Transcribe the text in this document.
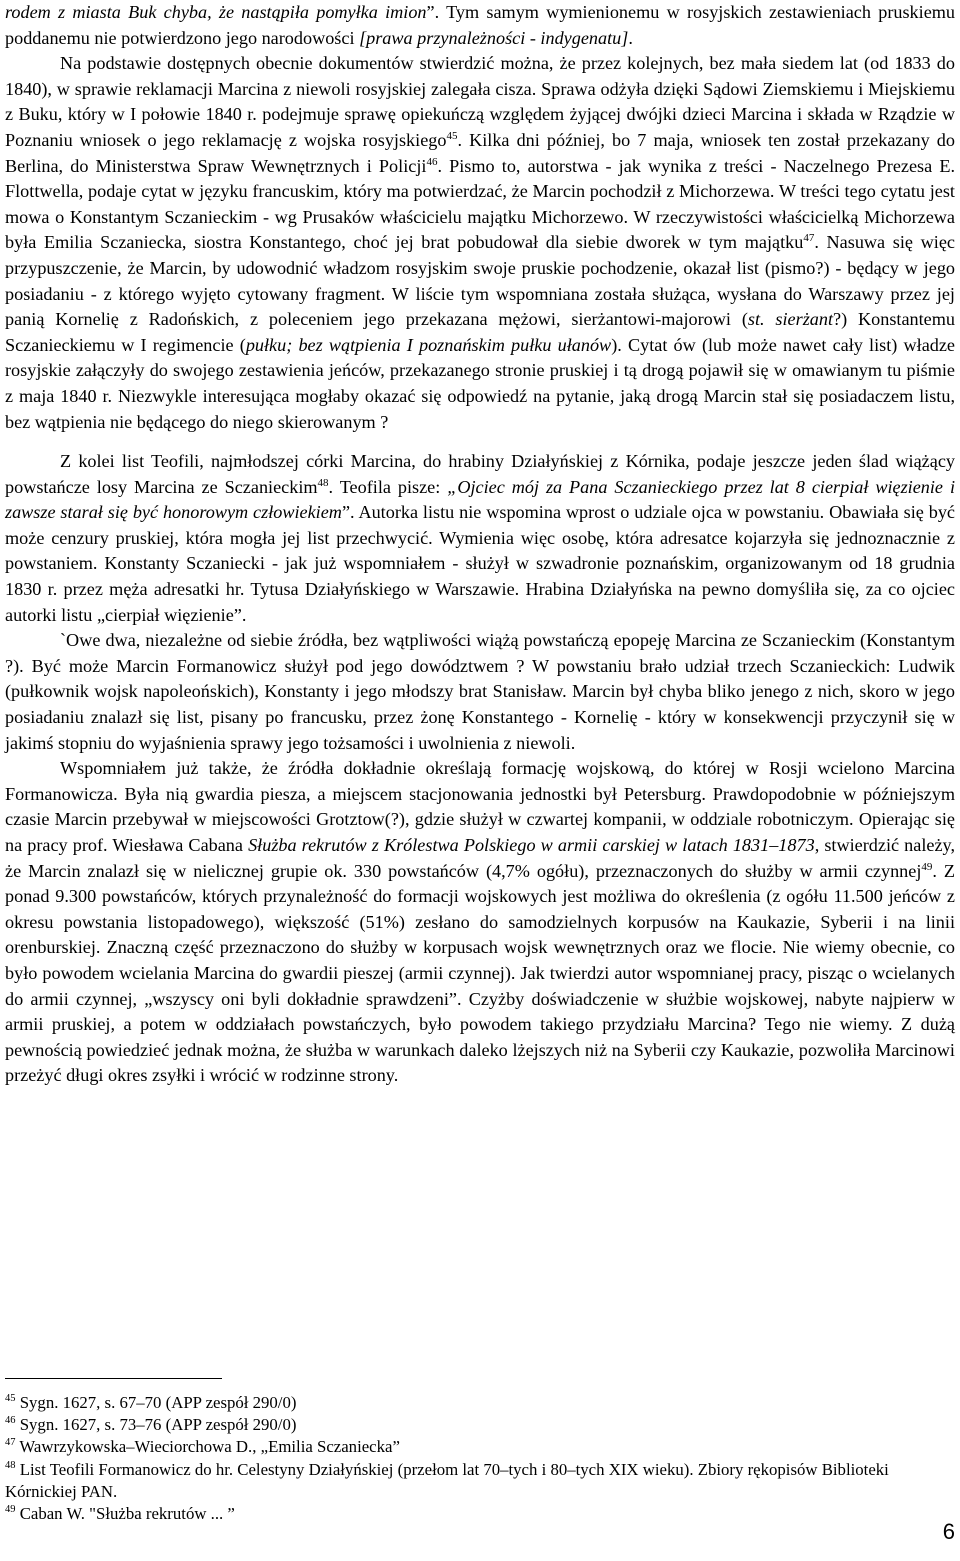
rodem z miasta Buk chyba, że nastąpiła pomyłka imion”. Tym samym wymienionemu w rosyjskich zestawieniach pruskiemu poddanemu nie potwierdzono jego narodowości [prawa przynależności - indygenatu].

Na podstawie dostępnych obecnie dokumentów stwierdzić można, że przez kolejnych, bez mała siedem lat (od 1833 do 1840), w sprawie reklamacji Marcina z niewoli rosyjskiej zalegała cisza. Sprawa odżyła dzięki Sądowi Ziemskiemu i Miejskiemu z Buku, który w I połowie 1840 r. podejmuje sprawę opiekuńczą względem żyjącej dwójki dzieci Marcina i składa w Rządzie w Poznaniu wniosek o jego reklamację z wojska rosyjskiego$^{45}$. Kilka dni później, bo 7 maja, wniosek ten został przekazany do Berlina, do Ministerstwa Spraw Wewnętrznych i Policji$^{46}$. Pismo to, autorstwa - jak wynika z treści - Naczelnego Prezesa E. Flottwella, podaje cytat w języku francuskim, który ma potwierdzać, że Marcin pochodził z Michorzewa. W treści tego cytatu jest mowa o Konstantym Sczanieckim - wg Prusaków właścicielu majątku Michorzewo. W rzeczywistości właścicielką Michorzewa była Emilia Sczaniecka, siostra Konstantego, choć jej brat pobudował dla siebie dworek w tym majątku$^{47}$. Nasuwa się więc przypuszczenie, że Marcin, by udowodnić władzom rosyjskim swoje pruskie pochodzenie, okazał list (pismo?) - będący w jego posiadaniu - z którego wyjęto cytowany fragment. W liście tym wspomniana została służąca, wysłana do Warszawy przez jej panią Kornelię z Radońskich, z poleceniem jego przekazana mężowi, sierżantowi-majorowi (st. sierżant?) Konstantemu Sczanieckiemu w I regimencie (pułku; bez wątpienia I poznańskim pułku ułanów). Cytat ów (lub może nawet cały list) władze rosyjskie załączyły do swojego zestawienia jeńców, przekazanego stronie pruskiej i tą drogą pojawił się w omawianym tu piśmie z maja 1840 r. Niezwykle interesująca mogłaby okazać się odpowiedź na pytanie, jaką drogą Marcin stał się posiadaczem listu, bez wątpienia nie będącego do niego skierowanym ?

Z kolei list Teofili, najmłodszej córki Marcina, do hrabiny Działyńskiej z Kórnika, podaje jeszcze jeden ślad wiążący powstańcze losy Marcina ze Sczanieckim$^{48}$. Teofila pisze: „Ojciec mój za Pana Sczanieckiego przez lat 8 cierpiał więzienie i zawsze starał się być honorowym człowiekiem”. Autorka listu nie wspomina wprost o udziale ojca w powstaniu. Obawiała się być może cenzury pruskiej, która mogła jej list przechwycić. Wymienia więc osobę, która adresatce kojarzyła się jednoznacznie z powstaniem. Konstanty Sczaniecki - jak już wspomniałem - służył w szwadronie poznańskim, organizowanym od 18 grudnia 1830 r. przez męża adresatki hr. Tytusa Działyńskiego w Warszawie. Hrabina Działyńska na pewno domyśliła się, za co ojciec autorki listu „cierpiał więzienie”.

`Owe dwa, niezależne od siebie źródła, bez wątpliwości wiążą powstańczą epopeję Marcina ze Sczanieckim (Konstantym ?). Być może Marcin Formanowicz służył pod jego dowództwem ? W powstaniu brało udział trzech Sczanieckich: Ludwik (pułkownik wojsk napoleońskich), Konstanty i jego młodszy brat Stanisław. Marcin był chyba bliko jenego z nich, skoro w jego posiadaniu znalazł się list, pisany po francusku, przez żonę Konstantego - Kornelię - który w konsekwencji przyczynił się w jakimś stopniu do wyjaśnienia sprawy jego tożsamości i uwolnienia z niewoli.

Wspomniałem już także, że źródła dokładnie określają formację wojskową, do której w Rosji wcielono Marcina Formanowicza. Była nią gwardia piesza, a miejscem stacjonowania jednostki był Petersburg. Prawdopodobnie w późniejszym czasie Marcin przebywał w miejscowości Grotztow(?), gdzie służył w czwartej kompanii, w oddziale robotniczym. Opierając się na pracy prof. Wiesława Cabana Służba rekrutów z Królestwa Polskiego w armii carskiej w latach 1831–1873, stwierdzić należy, że Marcin znalazł się w nielicznej grupie ok. 330 powstańców (4,7% ogółu), przeznaczonych do służby w armii czynnej$^{49}$. Z ponad 9.300 powstańców, których przynależność do formacji wojskowych jest możliwa do określenia (z ogółu 11.500 jeńców z okresu powstania listopadowego), większość (51%) zesłano do samodzielnych korpusów na Kaukazie, Syberii i na linii orenburskiej. Znaczną część przeznaczono do służby w korpusach wojsk wewnętrznych oraz we flocie. Nie wiemy obecnie, co było powodem wcielania Marcina do gwardii pieszej (armii czynnej). Jak twierdzi autor wspomnianej pracy, pisząc o wcielanych do armii czynnej, „wszyscy oni byli dokładnie sprawdzeni”. Czyżby doświadczenie w służbie wojskowej, nabyte najpierw w armii pruskiej, a potem w oddziałach powstańczych, było powodem takiego przydziału Marcina? Tego nie wiemy. Z dużą pewnością powiedzieć jednak można, że służba w warunkach daleko lżejszych niż na Syberii czy Kaukazie, pozwoliła Marcinowi przeżyć długi okres zsyłki i wrócić w rodzinne strony.

$^{45}$ Sygn. 1627, s. 67–70 (APP zespół 290/0)

$^{46}$ Sygn. 1627, s. 73–76 (APP zespół 290/0)

$^{47}$ Wawrzykowska–Wieciorchowa D., „Emilia Sczaniecka”

$^{48}$ List Teofili Formanowicz do hr. Celestyny Działyńskiej (przełom lat 70–tych i 80–tych XIX wieku). Zbiory rękopisów Biblioteki Kórnickiej PAN.

$^{49}$ Caban W. "Służba rekrutów ... ”

6
